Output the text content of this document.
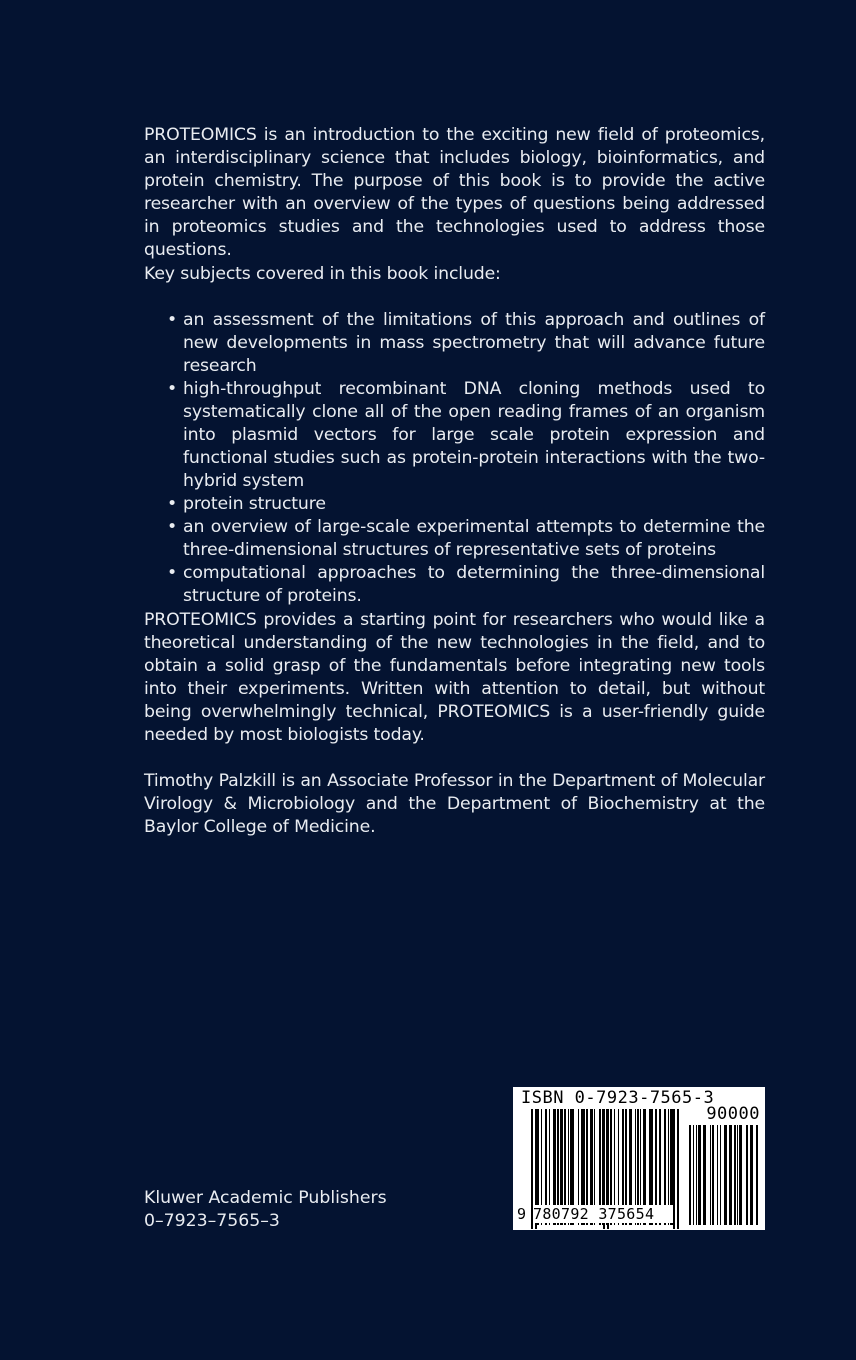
PROTEOMICS is an introduction to the exciting new field of proteomics, an interdisciplinary science that includes biology, bioinformatics, and protein chemistry. The purpose of this book is to provide the active researcher with an overview of the types of questions being addressed in proteomics studies and the technologies used to address those questions.

Key subjects covered in this book include:

• an assessment of the limitations of this approach and outlines of new developments in mass spectrometry that will advance future research
• high-throughput recombinant DNA cloning methods used to systematically clone all of the open reading frames of an organism into plasmid vectors for large scale protein expression and functional studies such as protein-protein interactions with the two-hybrid system
• protein structure
• an overview of large-scale experimental attempts to determine the three-dimensional structures of representative sets of proteins
• computational approaches to determining the three-dimensional structure of proteins.

PROTEOMICS provides a starting point for researchers who would like a theoretical understanding of the new technologies in the field, and to obtain a solid grasp of the fundamentals before integrating new tools into their experiments. Written with attention to detail, but without being overwhelmingly technical, PROTEOMICS is a user-friendly guide needed by most biologists today.

Timothy Palzkill is an Associate Professor in the Department of Molecular Virology & Microbiology and the Department of Biochemistry at the Baylor College of Medicine.

Kluwer Academic Publishers
0–7923–7565–3
ISBN 0-7923-7565-3
90000
9 780792 375654
